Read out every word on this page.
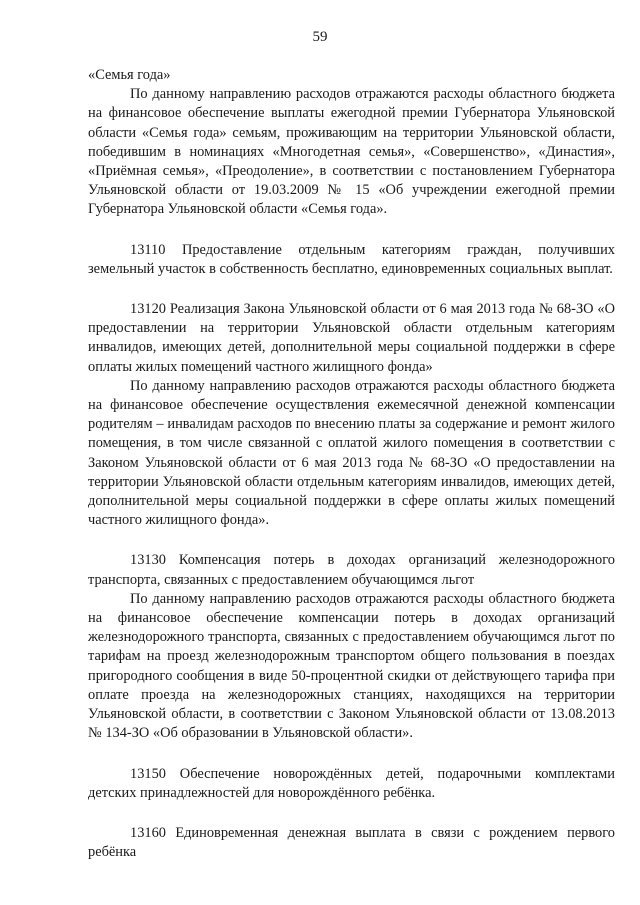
59

«Семья года»

По данному направлению расходов отражаются расходы областного бюджета на финансовое обеспечение выплаты ежегодной премии Губернатора Ульяновской области «Семья года» семьям, проживающим на территории Ульяновской области, победившим в номинациях «Многодетная семья», «Совершенство», «Династия», «Приёмная семья», «Преодоление», в соответствии с постановлением Губернатора Ульяновской области от 19.03.2009 № 15 «Об учреждении ежегодной премии Губернатора Ульяновской области «Семья года».

13110 Предоставление отдельным категориям граждан, получивших земельный участок в собственность бесплатно, единовременных социальных выплат.

13120 Реализация Закона Ульяновской области от 6 мая 2013 года № 68-ЗО «О предоставлении на территории Ульяновской области отдельным категориям инвалидов, имеющих детей, дополнительной меры социальной поддержки в сфере оплаты жилых помещений частного жилищного фонда»

По данному направлению расходов отражаются расходы областного бюджета на финансовое обеспечение осуществления ежемесячной денежной компенсации родителям – инвалидам расходов по внесению платы за содержание и ремонт жилого помещения, в том числе связанной с оплатой жилого помещения в соответствии с Законом Ульяновской области от 6 мая 2013 года № 68-ЗО «О предоставлении на территории Ульяновской области отдельным категориям инвалидов, имеющих детей, дополнительной меры социальной поддержки в сфере оплаты жилых помещений частного жилищного фонда».

13130 Компенсация потерь в доходах организаций железнодорожного транспорта, связанных с предоставлением обучающимся льгот

По данному направлению расходов отражаются расходы областного бюджета на финансовое обеспечение компенсации потерь в доходах организаций железнодорожного транспорта, связанных с предоставлением обучающимся льгот по тарифам на проезд железнодорожным транспортом общего пользования в поездах пригородного сообщения в виде 50-процентной скидки от действующего тарифа при оплате проезда на железнодорожных станциях, находящихся на территории Ульяновской области, в соответствии с Законом Ульяновской области от 13.08.2013 № 134-ЗО «Об образовании в Ульяновской области».

13150 Обеспечение новорождённых детей, подарочными комплектами детских принадлежностей для новорождённого ребёнка.

13160 Единовременная денежная выплата в связи с рождением первого ребёнка
